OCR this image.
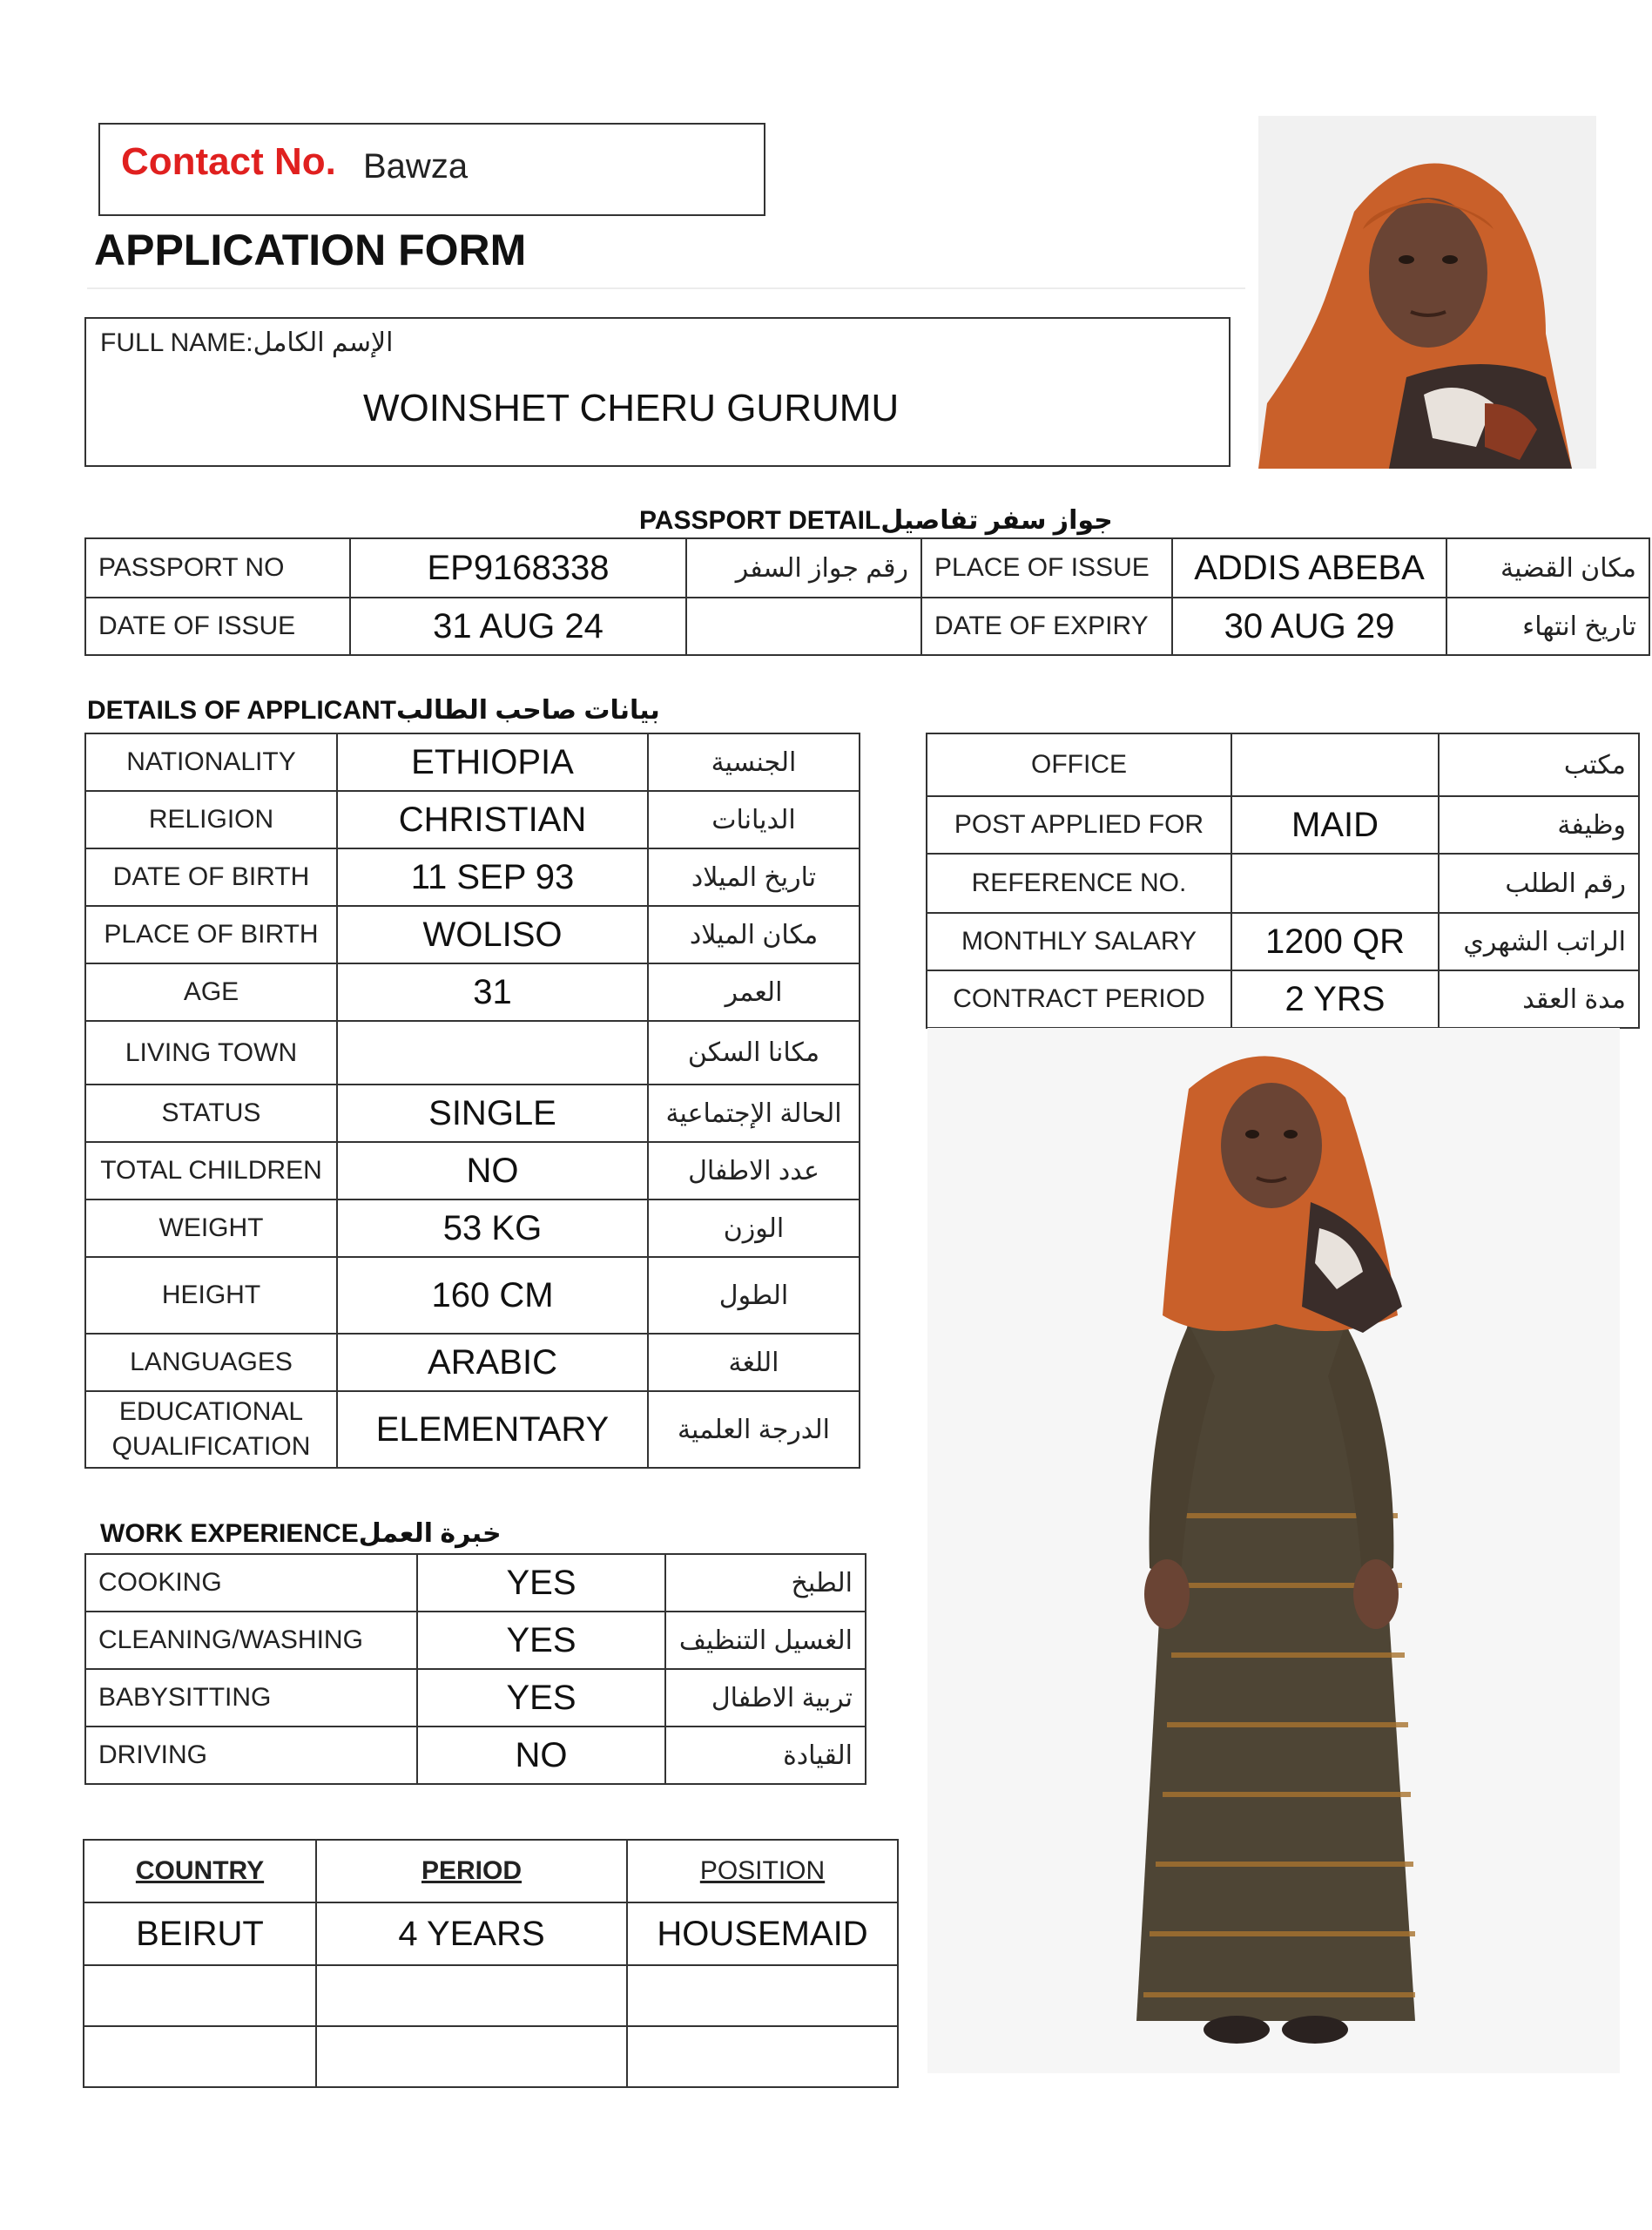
Contact No. Bawza
APPLICATION FORM
FULL NAME:الإسم الكامل
WOINSHET CHERU GURUMU
PASSPORT DETAILجواز سفر تفاصيل
PASSPORT NO	EP9168338	رقم جواز السفر	PLACE OF ISSUE	ADDIS ABEBA	مكان القضية
DATE OF ISSUE	31 AUG 24		DATE OF EXPIRY	30 AUG 29	تاريخ انتهاء
DETAILS OF APPLICANTبيانات صاحب الطالب
NATIONALITY	ETHIOPIA	الجنسية
RELIGION	CHRISTIAN	الديانات
DATE OF BIRTH	11 SEP 93	تاريخ الميلاد
PLACE OF BIRTH	WOLISO	مكان الميلاد
AGE	31	العمر
LIVING TOWN		مكانا السكن
STATUS	SINGLE	الحالة الإجتماعية
TOTAL CHILDREN	NO	عدد الاطفال
WEIGHT	53 KG	الوزن
HEIGHT	160 CM	الطول
LANGUAGES	ARABIC	اللغة

EDUCATIONAL
QUALIFICATION	ELEMENTARY	الدرجة العلمية
OFFICE		مكتب
POST APPLIED FOR	MAID	وظيفة
REFERENCE NO.		رقم الطلب
MONTHLY SALARY	1200 QR	الراتب الشهري
CONTRACT PERIOD	2 YRS	مدة العقد
WORK EXPERIENCEخبرة العمل
COOKING	YES	الطبخ
CLEANING/WASHING	YES	الغسيل التنظيف
BABYSITTING	YES	تربية الاطفال
DRIVING	NO	القيادة
COUNTRY	PERIOD	POSITION
BEIRUT	4 YEARS	HOUSEMAID
